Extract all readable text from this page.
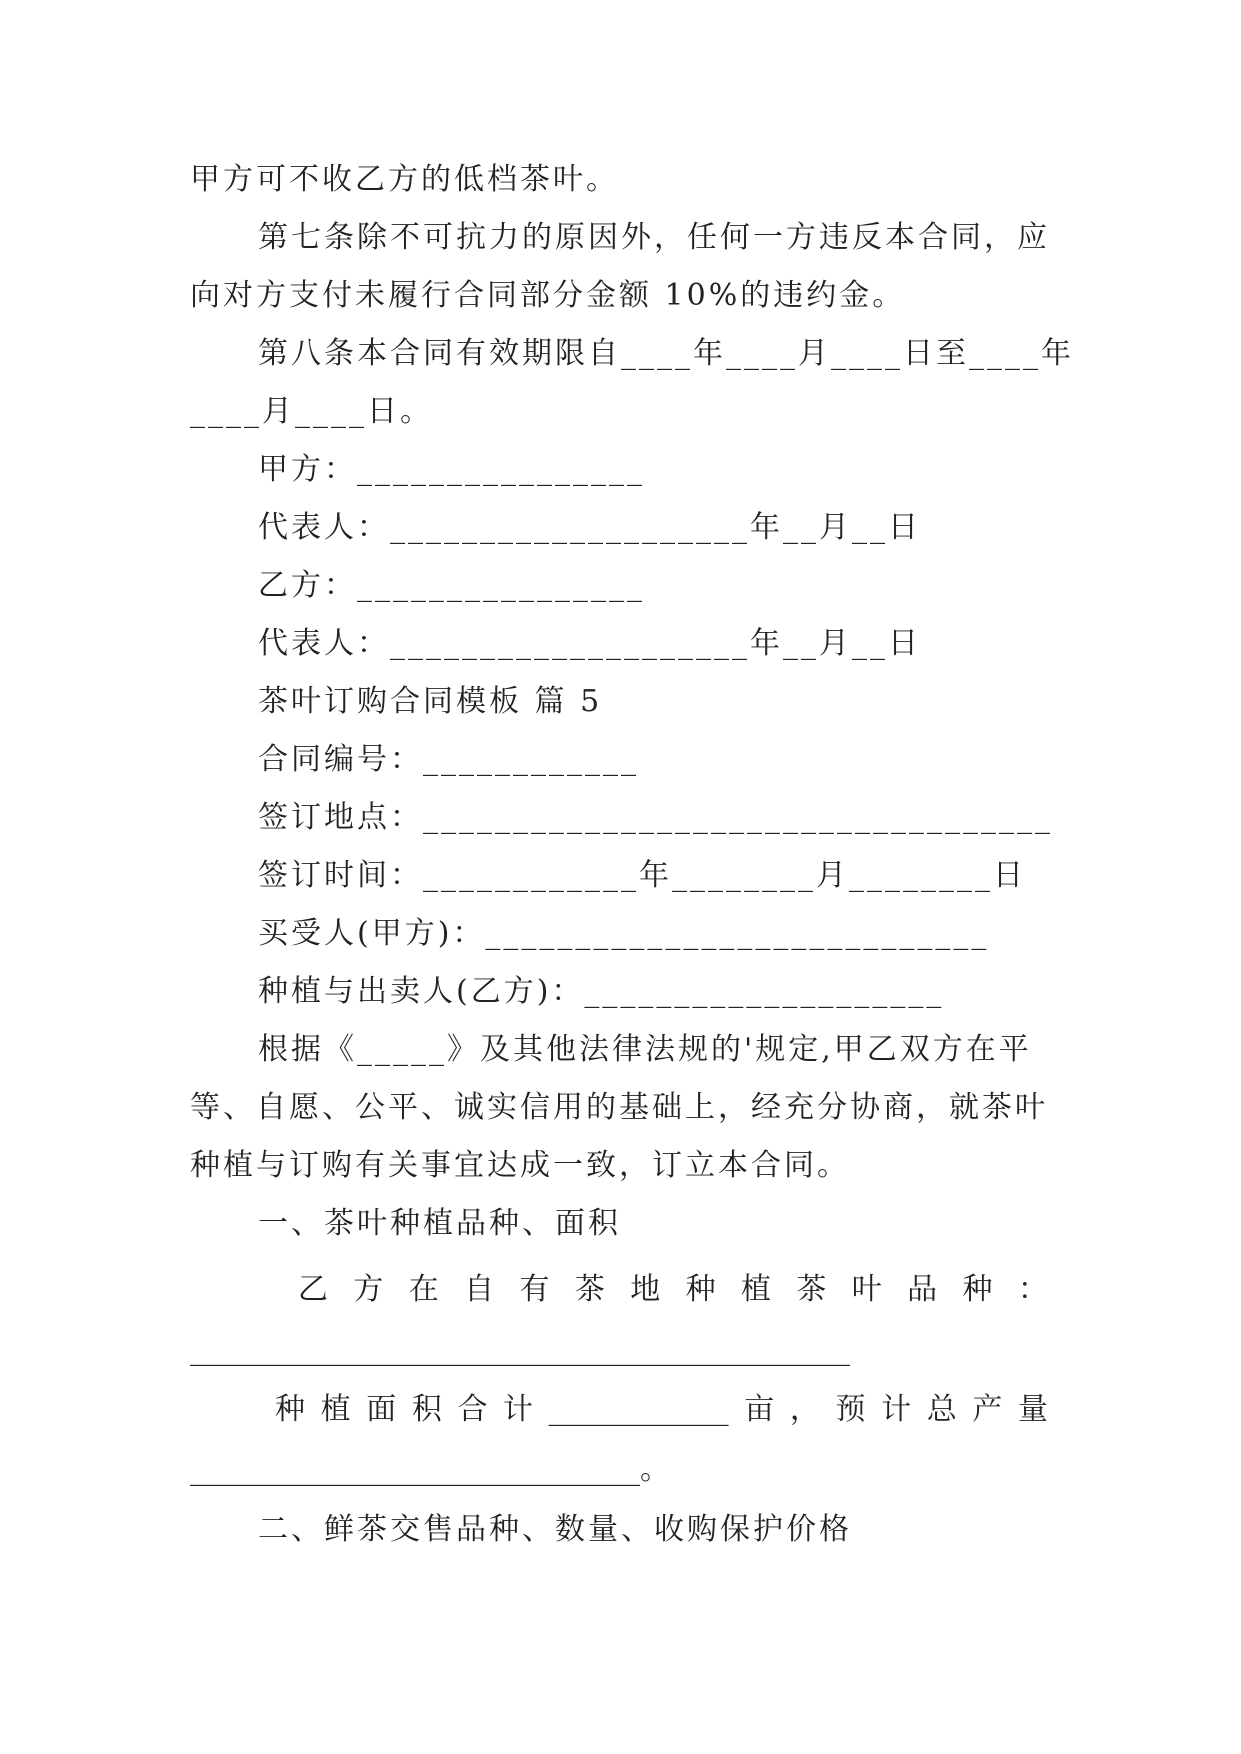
甲方可不收乙方的低档茶叶。
第七条除不可抗力的原因外，任何一方违反本合同，应
向对方支付未履行合同部分金额 10%的违约金。
第八条本合同有效期限自____年____月____日至____年
____月____日。
甲方：________________
代表人：____________________年__月__日
乙方：________________
代表人：____________________年__月__日
茶叶订购合同模板 篇 5
合同编号：____________
签订地点：___________________________________
签订时间：____________年________月________日
买受人(甲方)：____________________________
种植与出卖人(乙方)：____________________
根据《_____》及其他法律法规的'规定,甲乙双方在平
等、自愿、公平、诚实信用的基础上，经充分协商，就茶叶
种植与订购有关事宜达成一致，订立本合同。
一、茶叶种植品种、面积
乙 方 在 自 有 茶 地 种 植 茶 叶 品 种 ：
____________________________________________
种 植 面 积 合 计 ____________ 亩 ， 预 计 总 产 量
______________________________。
二、鲜茶交售品种、数量、收购保护价格
